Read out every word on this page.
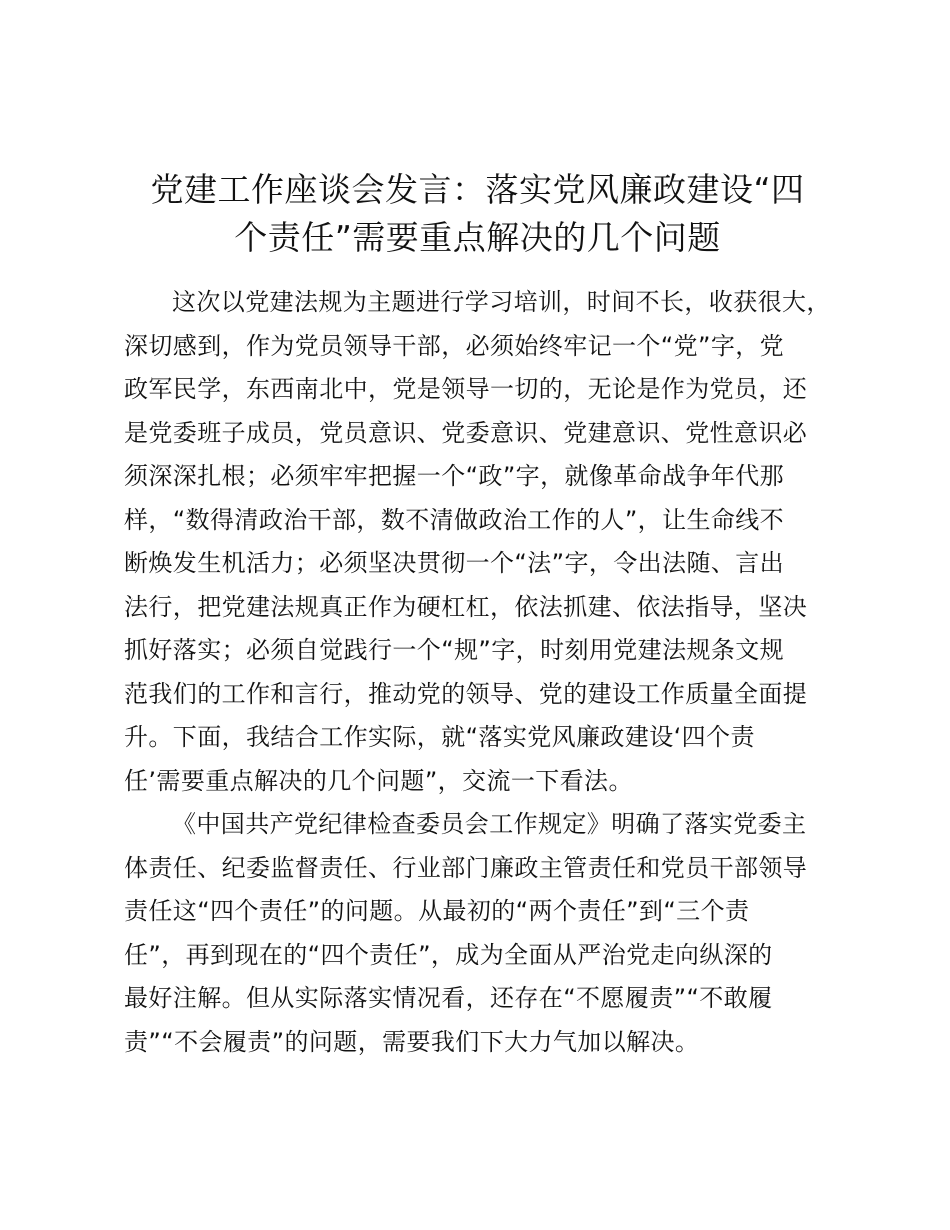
党建工作座谈会发言：落实党风廉政建设“四
个责任”需要重点解决的几个问题
这次以党建法规为主题进行学习培训，时间不长，收获很大，
深切感到，作为党员领导干部，必须始终牢记一个“党”字，党
政军民学，东西南北中，党是领导一切的，无论是作为党员，还
是党委班子成员，党员意识、党委意识、党建意识、党性意识必
须深深扎根；必须牢牢把握一个“政”字，就像革命战争年代那
样，“数得清政治干部，数不清做政治工作的人”，让生命线不
断焕发生机活力；必须坚决贯彻一个“法”字，令出法随、言出
法行，把党建法规真正作为硬杠杠，依法抓建、依法指导，坚决
抓好落实；必须自觉践行一个“规”字，时刻用党建法规条文规
范我们的工作和言行，推动党的领导、党的建设工作质量全面提
升。下面，我结合工作实际，就“落实党风廉政建设‘四个责
任’需要重点解决的几个问题”，交流一下看法。
《中国共产党纪律检查委员会工作规定》明确了落实党委主
体责任、纪委监督责任、行业部门廉政主管责任和党员干部领导
责任这“四个责任”的问题。从最初的“两个责任”到“三个责
任”，再到现在的“四个责任”，成为全面从严治党走向纵深的
最好注解。但从实际落实情况看，还存在“不愿履责”“不敢履
责”“不会履责”的问题，需要我们下大力气加以解决。
